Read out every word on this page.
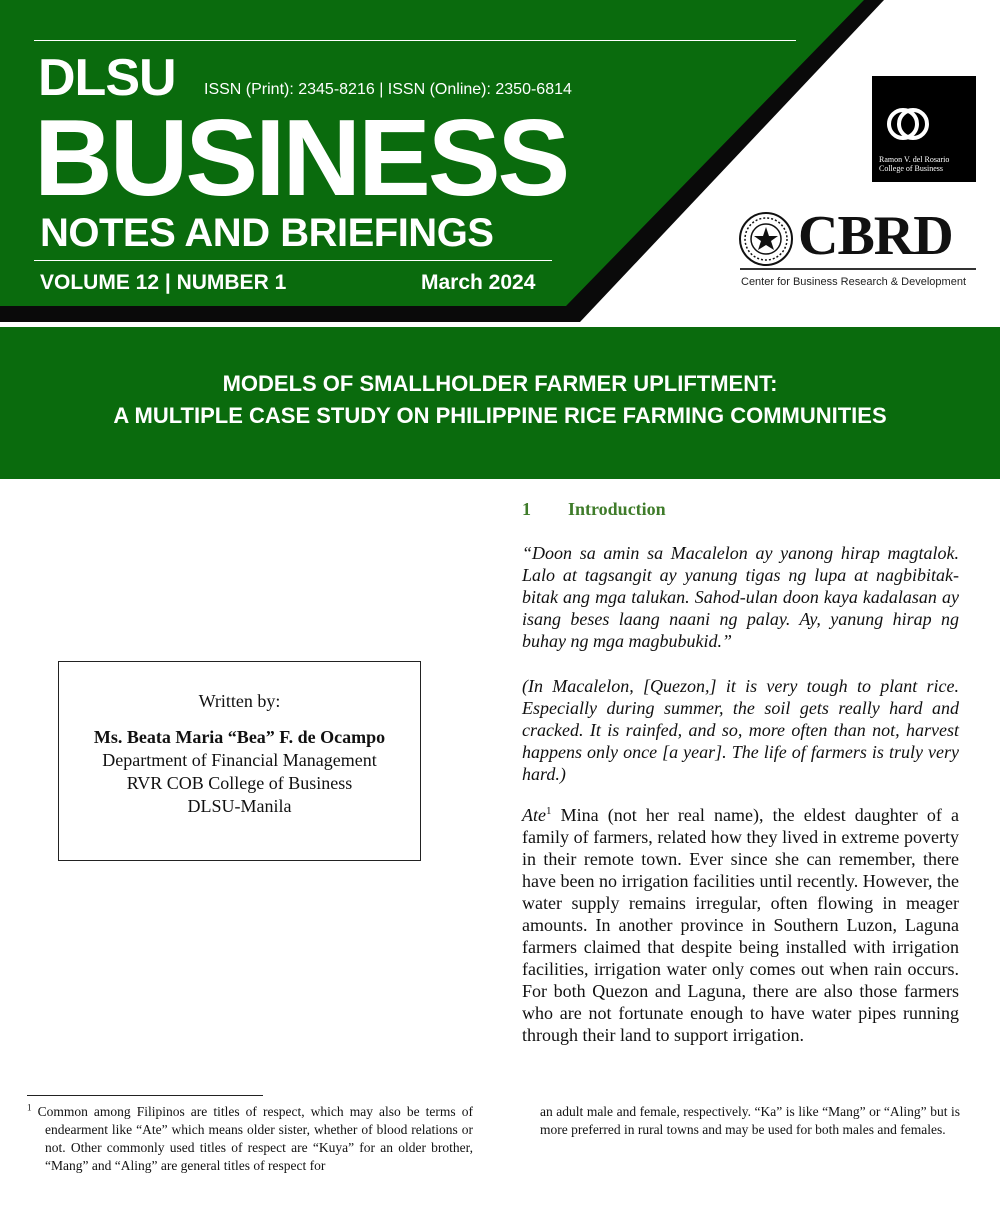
DLSU ISSN (Print): 2345-8216 | ISSN (Online): 2350-6814
BUSINESS
NOTES AND BRIEFINGS
VOLUME 12 | NUMBER 1	March 2024
Ramon V. del Rosario
College of Business
CBRD
Center for Business Research & Development
MODELS OF SMALLHOLDER FARMER UPLIFTMENT:
A MULTIPLE CASE STUDY ON PHILIPPINE RICE FARMING COMMUNITIES
Written by:
Ms. Beata Maria “Bea” F. de Ocampo
Department of Financial Management
RVR COB College of Business
DLSU-Manila
1 Introduction

“Doon sa amin sa Macalelon ay yanong hirap magtalok. Lalo at tagsangit ay yanung tigas ng lupa at nagbibitak-bitak ang mga talukan. Sahod-ulan doon kaya kadalasan ay isang beses laang naani ng palay. Ay, yanung hirap ng buhay ng mga magbubukid.”

(In Macalelon, [Quezon,] it is very tough to plant rice. Especially during summer, the soil gets really hard and cracked. It is rainfed, and so, more often than not, harvest happens only once [a year]. The life of farmers is truly very hard.)

Ate$^1$ Mina (not her real name), the eldest daughter of a family of farmers, related how they lived in extreme poverty in their remote town. Ever since she can remember, there have been no irrigation facilities until recently. However, the water supply remains irregular, often flowing in meager amounts. In another province in Southern Luzon, Laguna farmers claimed that despite being installed with irrigation facilities, irrigation water only comes out when rain occurs. For both Quezon and Laguna, there are also those farmers who are not fortunate enough to have water pipes running through their land to support irrigation.

$^1$ Common among Filipinos are titles of respect, which may also be terms of endearment like “Ate” which means older sister, whether of blood relations or not. Other commonly used titles of respect are “Kuya” for an older brother, “Mang” and “Aling” are general titles of respect for

an adult male and female, respectively. “Ka” is like “Mang” or “Aling” but is more preferred in rural towns and may be used for both males and females.
